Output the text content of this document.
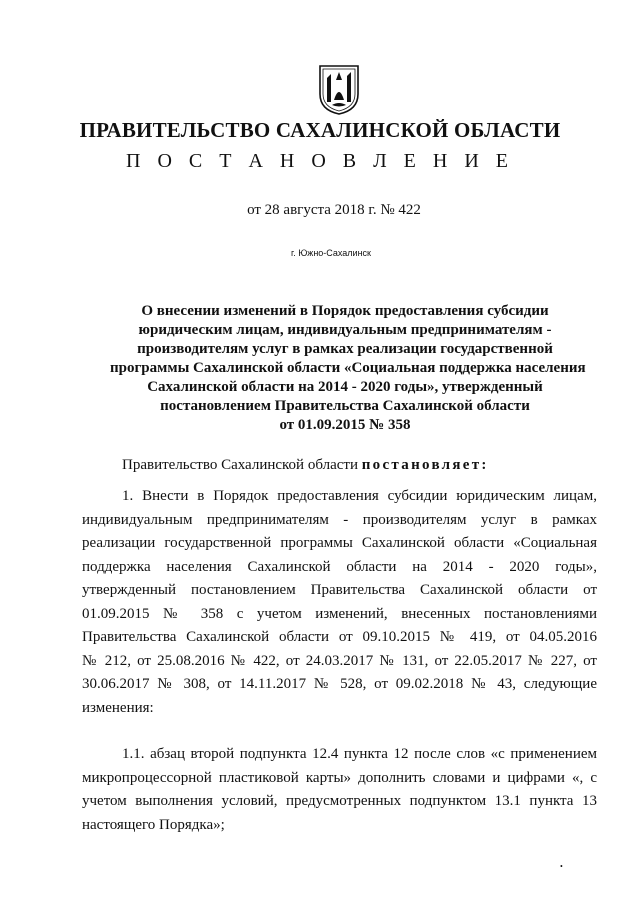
ПРАВИТЕЛЬСТВО САХАЛИНСКОЙ ОБЛАСТИ
П О С Т А Н О В Л Е Н И Е
от 28 августа 2018 г. № 422
г. Южно-Сахалинск
О внесении изменений в Порядок предоставления субсидии
юридическим лицам, индивидуальным предпринимателям -
производителям услуг в рамках реализации государственной
программы Сахалинской области «Социальная поддержка населения
Сахалинской области на 2014 - 2020 годы», утвержденный
постановлением Правительства Сахалинской области
от 01.09.2015 № 358

Правительство Сахалинской области постановляет:

1. Внести в Порядок предоставления субсидии юридическим лицам,
индивидуальным предпринимателям - производителям услуг в рамках
реализации государственной программы Сахалинской области «Социальная
поддержка населения Сахалинской области на 2014 - 2020 годы»,
утвержденный постановлением Правительства Сахалинской области от
01.09.2015 № 358 с учетом изменений, внесенных постановлениями
Правительства Сахалинской области от 09.10.2015 № 419, от 04.05.2016
№ 212, от 25.08.2016 № 422, от 24.03.2017 № 131, от 22.05.2017 № 227, от
30.06.2017 № 308, от 14.11.2017 № 528, от 09.02.2018 № 43, следующие
изменения:
1.1. абзац второй подпункта 12.4 пункта 12 после слов «с применением
микропроцессорной пластиковой карты» дополнить словами и цифрами «, с
учетом выполнения условий, предусмотренных подпунктом 13.1 пункта 13
настоящего Порядка»;
•
